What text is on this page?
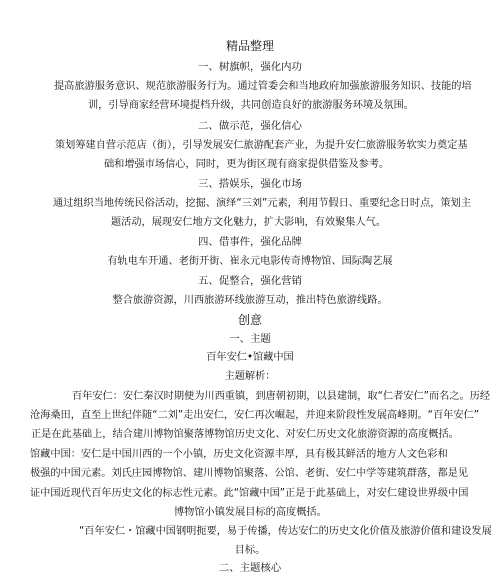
精品整理
一、树旗帜，强化内功
提高旅游服务意识、规范旅游服务行为。通过管委会和当地政府加强旅游服务知识、技能的培
训，引导商家经营环境提档升级，共同创造良好的旅游服务环境及氛围。
二、做示范，强化信心
策划筹建自营示范店（街），引导发展安仁旅游配套产业，为提升安仁旅游服务软实力奠定基
础和增强市场信心，同时，更为街区现有商家提供借鉴及参考。
三、搭娱乐，强化市场
通过组织当地传统民俗活动，挖掘、演绎“三刘”元素，利用节假日、重要纪念日时点，策划主
题活动，展现安仁地方文化魅力，扩大影响，有效聚集人气。
四、借事件，强化品牌
有轨电车开通、老街开街、崔永元电影传奇博物馆、国际陶艺展
五、促整合，强化营销
整合旅游资源，川西旅游环线旅游互动，推出特色旅游线路。
创意
一、主题
百年安仁•馆藏中国
主题解析：
百年安仁：安仁秦汉时期便为川西重镇，到唐朝初期，以县建制，取“仁者安仁”而名之。历经
沧海桑田，直至上世纪伴随“二刘”走出安仁，安仁再次崛起，并迎来阶段性发展高峰期。“百年安仁”
正是在此基础上，结合建川博物馆聚落博物馆历史文化、对安仁历史文化旅游资源的高度概括。
馆藏中国：安仁是中国川西的一个小镇，历史文化资源丰厚，具有极其鲜活的地方人文色彩和
极强的中国元素。刘氏庄园博物馆、建川博物馆聚落、公馆、老街、安仁中学等建筑群落，都是见
证中国近现代百年历史文化的标志性元素。此“馆藏中国”正是于此基础上，对安仁建设世界级中国
博物馆小镇发展目标的高度概括。
“百年安仁・馆藏中国钢明扼要，易于传播，传达安仁的历史文化价值及旅游价值和建设发展
目标。
二、主题核心
